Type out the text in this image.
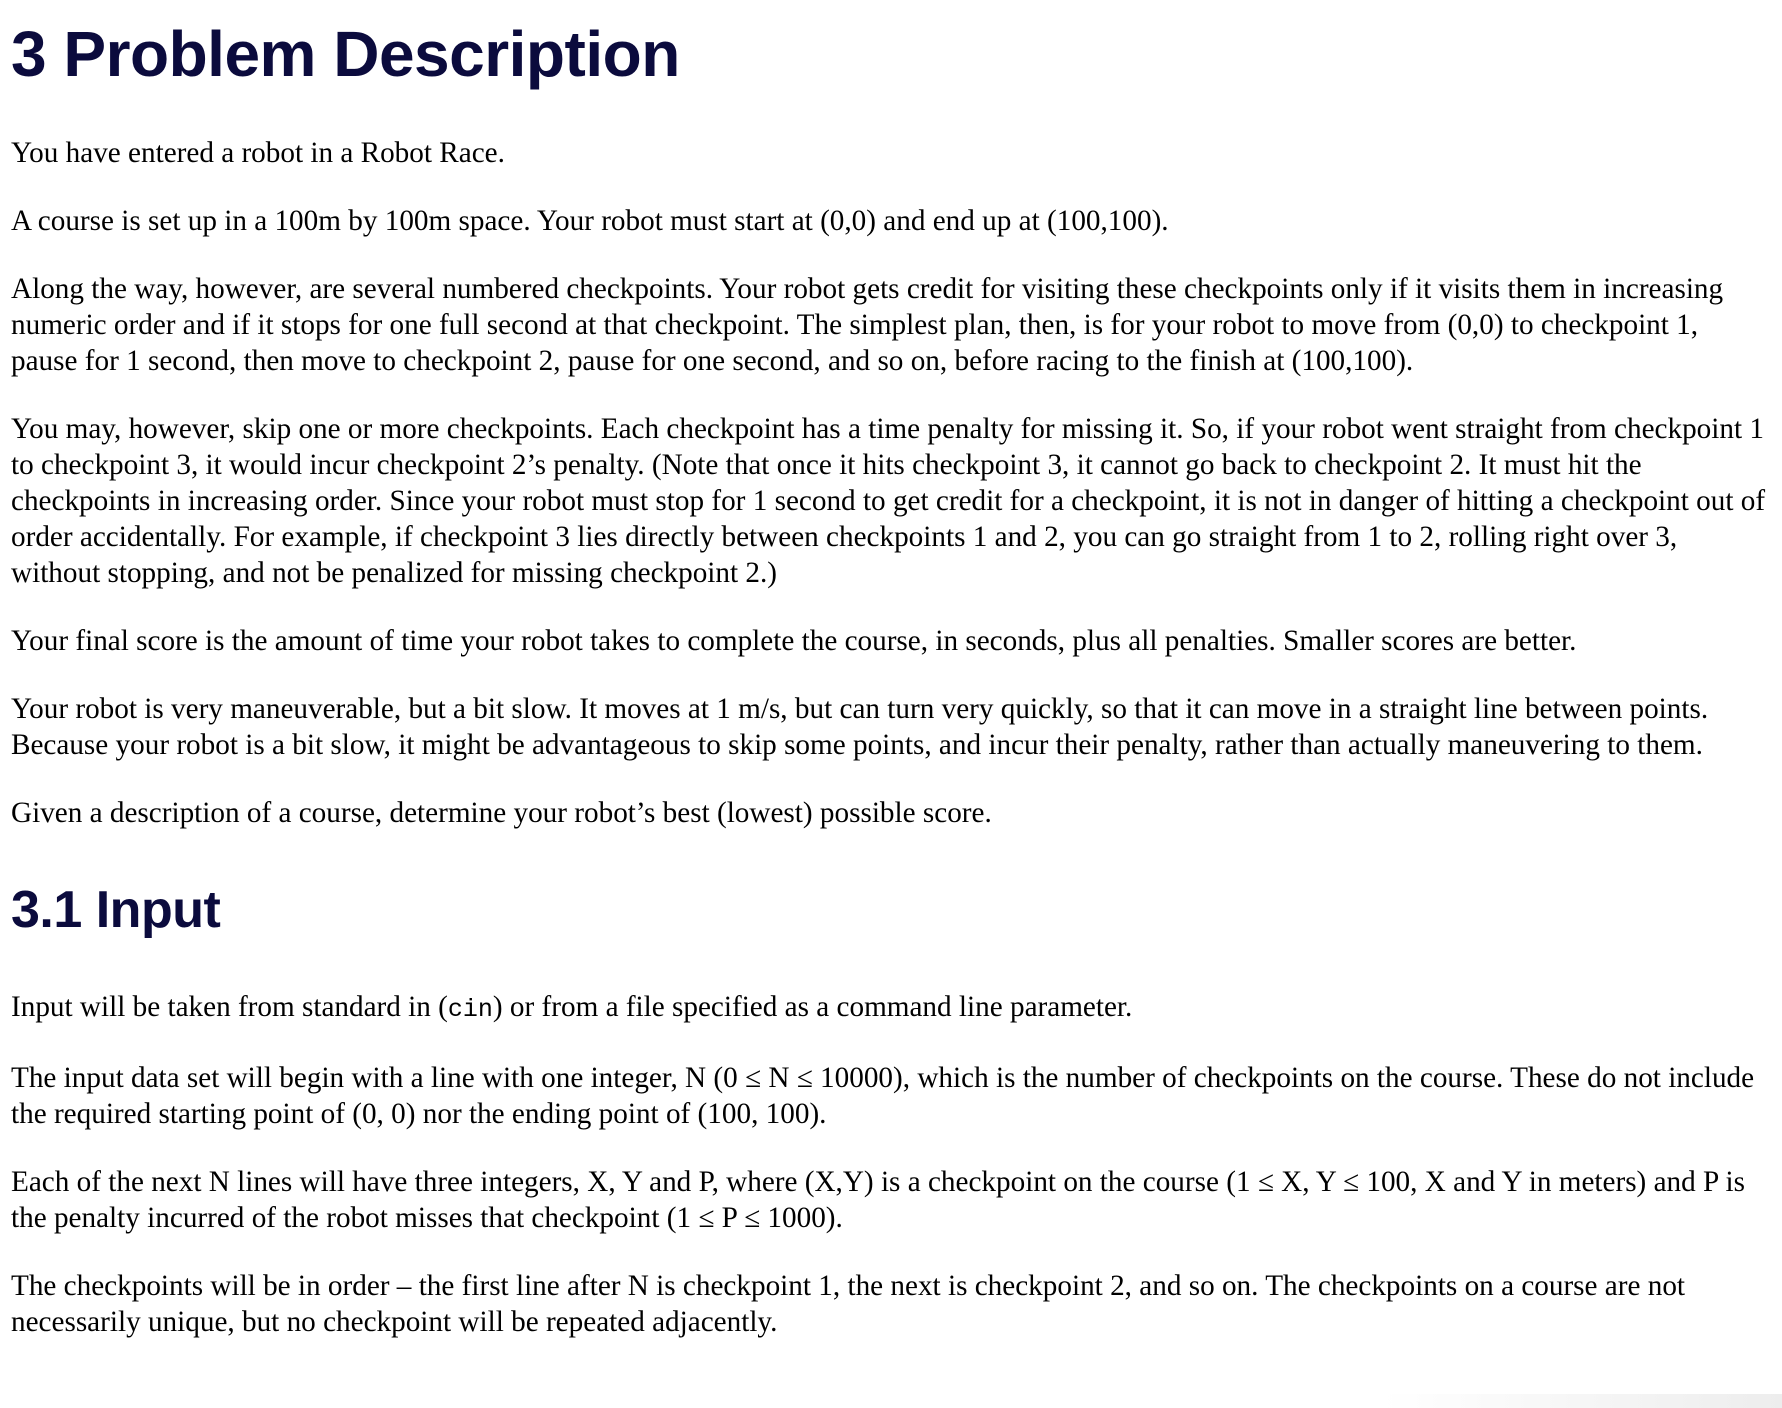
3 Problem Description

You have entered a robot in a Robot Race.

A course is set up in a 100m by 100m space. Your robot must start at (0,0) and end up at (100,100).

Along the way, however, are several numbered checkpoints. Your robot gets credit for visiting these checkpoints only if it visits them in increasing numeric order and if it stops for one full second at that checkpoint. The simplest plan, then, is for your robot to move from (0,0) to checkpoint 1, pause for 1 second, then move to checkpoint 2, pause for one second, and so on, before racing to the finish at (100,100).

You may, however, skip one or more checkpoints. Each checkpoint has a time penalty for missing it. So, if your robot went straight from checkpoint 1 to checkpoint 3, it would incur checkpoint 2’s penalty. (Note that once it hits checkpoint 3, it cannot go back to checkpoint 2. It must hit the checkpoints in increasing order. Since your robot must stop for 1 second to get credit for a checkpoint, it is not in danger of hitting a checkpoint out of order accidentally. For example, if checkpoint 3 lies directly between checkpoints 1 and 2, you can go straight from 1 to 2, rolling right over 3, without stopping, and not be penalized for missing checkpoint 2.)

Your final score is the amount of time your robot takes to complete the course, in seconds, plus all penalties. Smaller scores are better.

Your robot is very maneuverable, but a bit slow. It moves at 1 m/s, but can turn very quickly, so that it can move in a straight line between points. Because your robot is a bit slow, it might be advantageous to skip some points, and incur their penalty, rather than actually maneuvering to them.

Given a description of a course, determine your robot’s best (lowest) possible score.

3.1 Input

Input will be taken from standard in (cin) or from a file specified as a command line parameter.

The input data set will begin with a line with one integer, N (0 ≤ N ≤ 10000), which is the number of checkpoints on the course. These do not include the required starting point of (0, 0) nor the ending point of (100, 100).

Each of the next N lines will have three integers, X, Y and P, where (X,Y) is a checkpoint on the course (1 ≤ X, Y ≤ 100, X and Y in meters) and P is the penalty incurred of the robot misses that checkpoint (1 ≤ P ≤ 1000).

The checkpoints will be in order – the first line after N is checkpoint 1, the next is checkpoint 2, and so on. The checkpoints on a course are not necessarily unique, but no checkpoint will be repeated adjacently.
